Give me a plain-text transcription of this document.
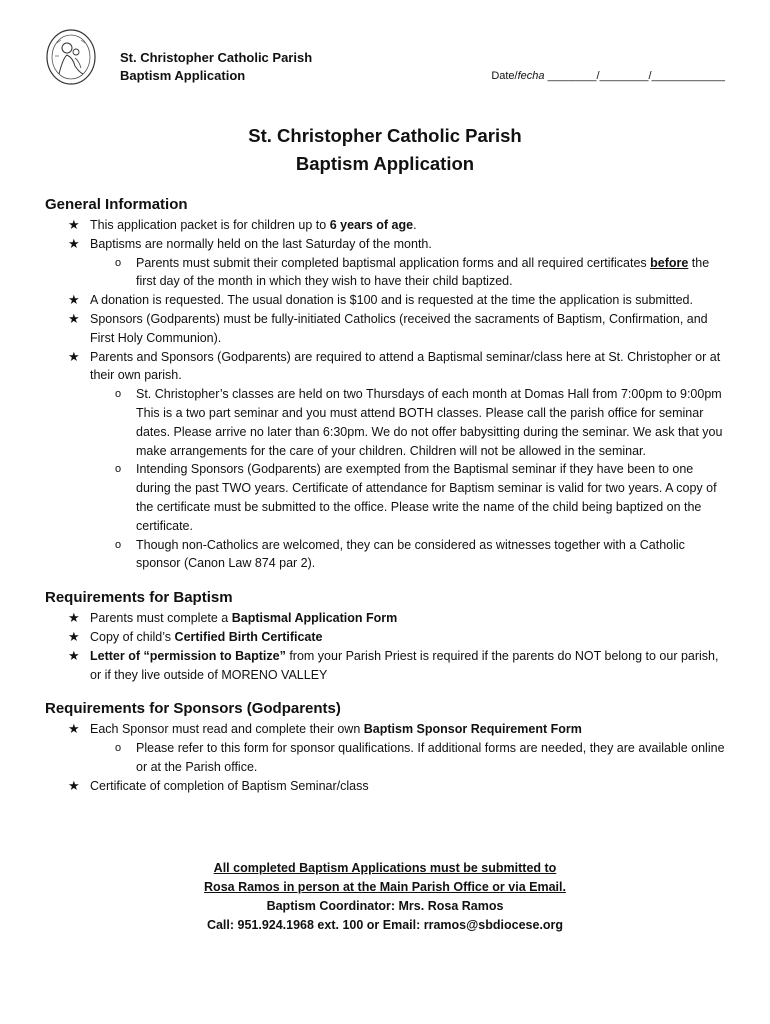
St. Christopher Catholic Parish
Baptism Application	Date/fecha ________/________/____________
St. Christopher Catholic Parish
Baptism Application
General Information
★ This application packet is for children up to 6 years of age.
★ Baptisms are normally held on the last Saturday of the month.
o Parents must submit their completed baptismal application forms and all required certificates before the first day of the month in which they wish to have their child baptized.
★ A donation is requested. The usual donation is $100 and is requested at the time the application is submitted.
★ Sponsors (Godparents) must be fully-initiated Catholics (received the sacraments of Baptism, Confirmation, and First Holy Communion).
★ Parents and Sponsors (Godparents) are required to attend a Baptismal seminar/class here at St. Christopher or at their own parish.
o St. Christopher’s classes are held on two Thursdays of each month at Domas Hall from 7:00pm to 9:00pm This is a two part seminar and you must attend BOTH classes. Please call the parish office for seminar dates. Please arrive no later than 6:30pm. We do not offer babysitting during the seminar. We ask that you make arrangements for the care of your children. Children will not be allowed in the seminar.
o Intending Sponsors (Godparents) are exempted from the Baptismal seminar if they have been to one during the past TWO years. Certificate of attendance for Baptism seminar is valid for two years. A copy of the certificate must be submitted to the office. Please write the name of the child being baptized on the certificate.
o Though non-Catholics are welcomed, they can be considered as witnesses together with a Catholic sponsor (Canon Law 874 par 2).
Requirements for Baptism
★ Parents must complete a Baptismal Application Form
★ Copy of child’s Certified Birth Certificate
★ Letter of “permission to Baptize” from your Parish Priest is required if the parents do NOT belong to our parish, or if they live outside of MORENO VALLEY
Requirements for Sponsors (Godparents)
★ Each Sponsor must read and complete their own Baptism Sponsor Requirement Form
o Please refer to this form for sponsor qualifications. If additional forms are needed, they are available online or at the Parish office.
★ Certificate of completion of Baptism Seminar/class
All completed Baptism Applications must be submitted to
Rosa Ramos in person at the Main Parish Office or via Email.
Baptism Coordinator: Mrs. Rosa Ramos
Call: 951.924.1968 ext. 100 or Email: rramos@sbdiocese.org
